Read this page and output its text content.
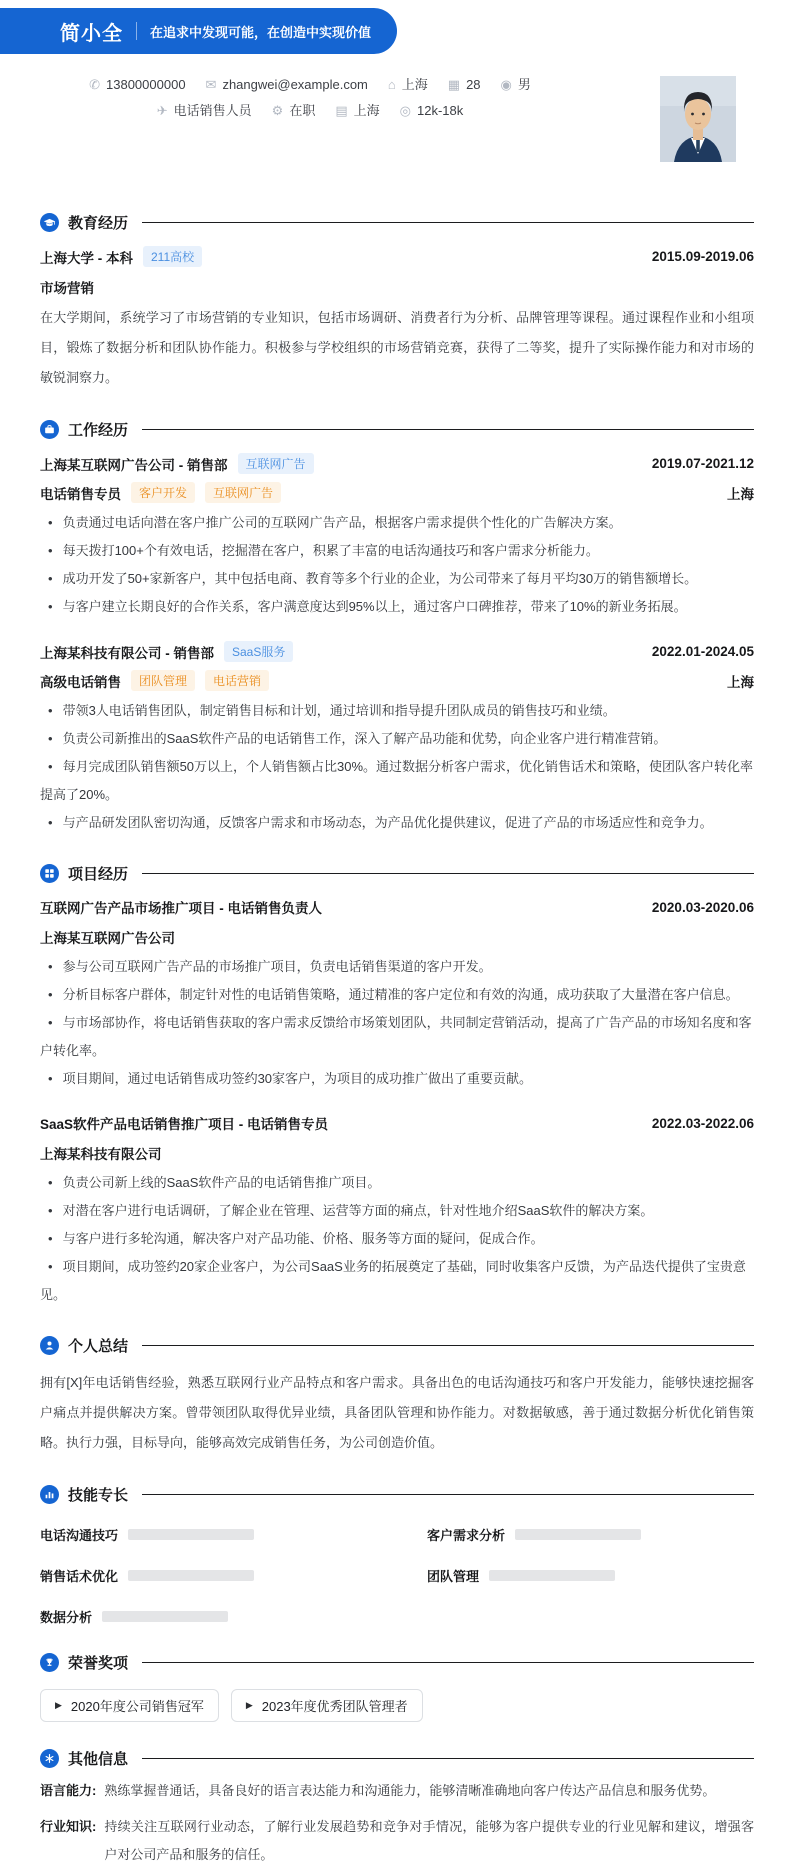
简小全 在追求中发现可能，在创造中实现价值
✆ 13800000000 ✉ zhangwei@example.com ⌂ 上海 ▦ 28 ◉ 男
✈ 电话销售人员 ⚙ 在职 ▤ 上海 ◎ 12k-18k
教育经历
上海大学 - 本科	211高校	2015.09-2019.06
市场营销
在大学期间，系统学习了市场营销的专业知识，包括市场调研、消费者行为分析、品牌管理等课程。通过课程作业和小组项目，锻炼了数据分析和团队协作能力。积极参与学校组织的市场营销竞赛，获得了二等奖，提升了实际操作能力和对市场的敏锐洞察力。
工作经历
上海某互联网广告公司 - 销售部	互联网广告	2019.07-2021.12
电话销售专员	客户开发	互联网广告	上海
• 负责通过电话向潜在客户推广公司的互联网广告产品，根据客户需求提供个性化的广告解决方案。
• 每天拨打100+个有效电话，挖掘潜在客户，积累了丰富的电话沟通技巧和客户需求分析能力。
• 成功开发了50+家新客户，其中包括电商、教育等多个行业的企业，为公司带来了每月平均30万的销售额增长。
• 与客户建立长期良好的合作关系，客户满意度达到95%以上，通过客户口碑推荐，带来了10%的新业务拓展。
上海某科技有限公司 - 销售部	SaaS服务	2022.01-2024.05
高级电话销售	团队管理	电话营销	上海
• 带领3人电话销售团队，制定销售目标和计划，通过培训和指导提升团队成员的销售技巧和业绩。
• 负责公司新推出的SaaS软件产品的电话销售工作，深入了解产品功能和优势，向企业客户进行精准营销。
• 每月完成团队销售额50万以上，个人销售额占比30%。通过数据分析客户需求，优化销售话术和策略，使团队客户转化率提高了20%。
• 与产品研发团队密切沟通，反馈客户需求和市场动态，为产品优化提供建议，促进了产品的市场适应性和竞争力。
项目经历
互联网广告产品市场推广项目 - 电话销售负责人	2020.03-2020.06
上海某互联网广告公司
• 参与公司互联网广告产品的市场推广项目，负责电话销售渠道的客户开发。
• 分析目标客户群体，制定针对性的电话销售策略，通过精准的客户定位和有效的沟通，成功获取了大量潜在客户信息。
• 与市场部协作，将电话销售获取的客户需求反馈给市场策划团队，共同制定营销活动，提高了广告产品的市场知名度和客户转化率。
• 项目期间，通过电话销售成功签约30家客户，为项目的成功推广做出了重要贡献。
SaaS软件产品电话销售推广项目 - 电话销售专员	2022.03-2022.06
上海某科技有限公司
• 负责公司新上线的SaaS软件产品的电话销售推广项目。
• 对潜在客户进行电话调研，了解企业在管理、运营等方面的痛点，针对性地介绍SaaS软件的解决方案。
• 与客户进行多轮沟通，解决客户对产品功能、价格、服务等方面的疑问，促成合作。
• 项目期间，成功签约20家企业客户，为公司SaaS业务的拓展奠定了基础，同时收集客户反馈，为产品迭代提供了宝贵意见。
个人总结
拥有[X]年电话销售经验，熟悉互联网行业产品特点和客户需求。具备出色的电话沟通技巧和客户开发能力，能够快速挖掘客户痛点并提供解决方案。曾带领团队取得优异业绩，具备团队管理和协作能力。对数据敏感，善于通过数据分析优化销售策略。执行力强，目标导向，能够高效完成销售任务，为公司创造价值。
技能专长
电话沟通技巧	客户需求分析
销售话术优化	团队管理
数据分析
荣誉奖项
▶ 2020年度公司销售冠军	▶ 2023年度优秀团队管理者
其他信息
语言能力: 熟练掌握普通话，具备良好的语言表达能力和沟通能力，能够清晰准确地向客户传达产品信息和服务优势。
行业知识: 持续关注互联网行业动态，了解行业发展趋势和竞争对手情况，能够为客户提供专业的行业见解和建议，增强客户对公司产品和服务的信任。
